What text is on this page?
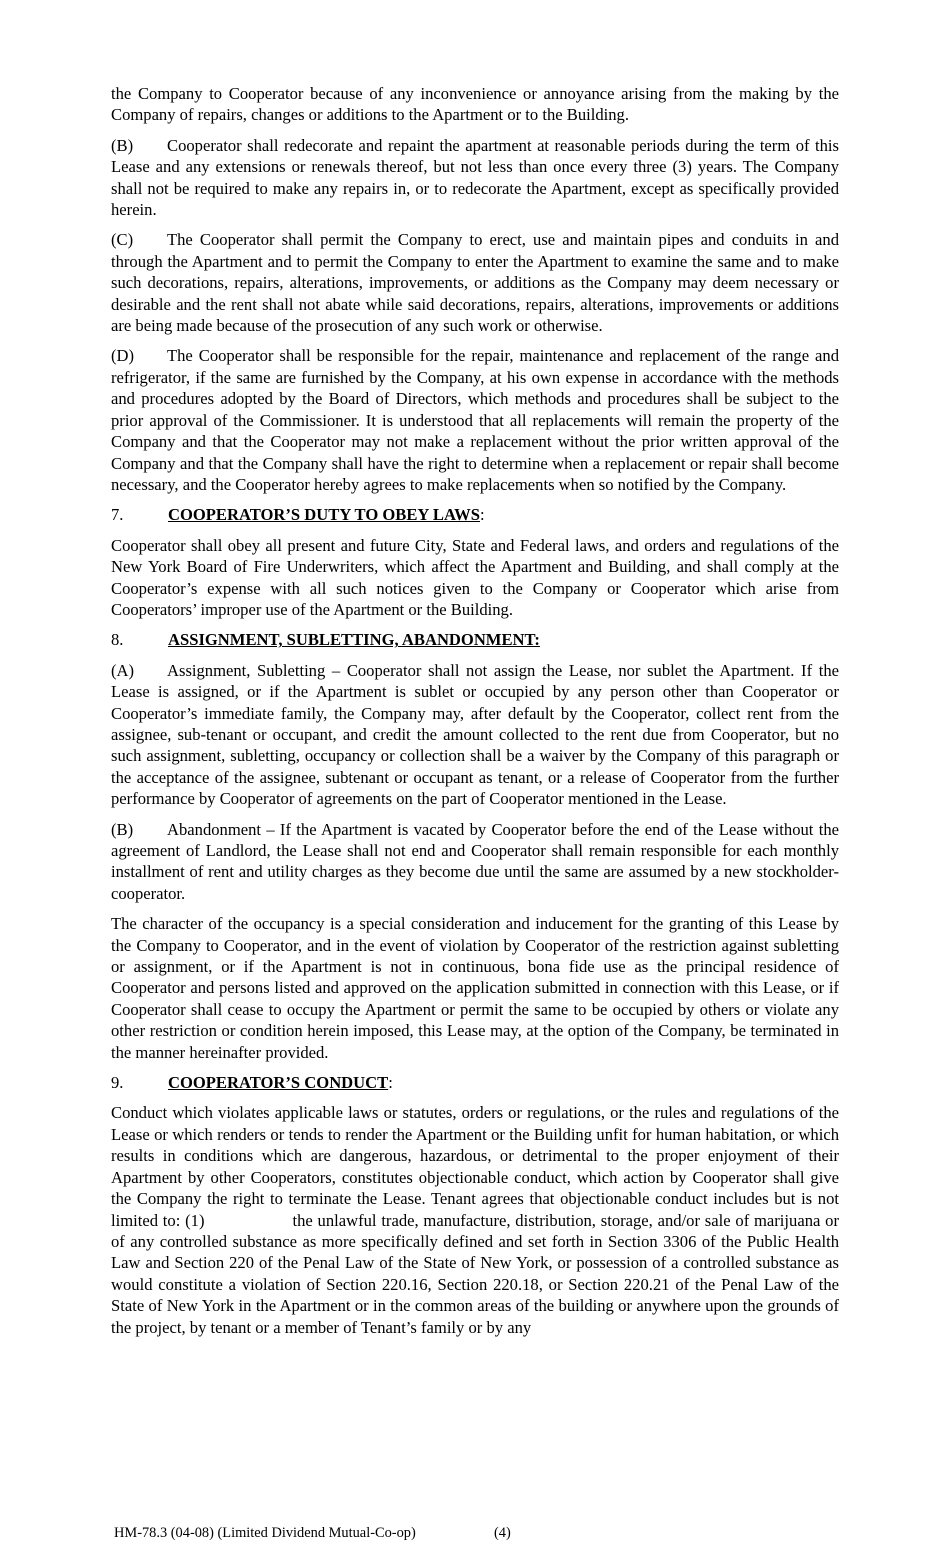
the Company to Cooperator because of any inconvenience or annoyance arising from the making by the Company of repairs, changes or additions to the Apartment or to the Building.

(B) Cooperator shall redecorate and repaint the apartment at reasonable periods during the term of this Lease and any extensions or renewals thereof, but not less than once every three (3) years. The Company shall not be required to make any repairs in, or to redecorate the Apartment, except as specifically provided herein.

(C) The Cooperator shall permit the Company to erect, use and maintain pipes and conduits in and through the Apartment and to permit the Company to enter the Apartment to examine the same and to make such decorations, repairs, alterations, improvements, or additions as the Company may deem necessary or desirable and the rent shall not abate while said decorations, repairs, alterations, improvements or additions are being made because of the prosecution of any such work or otherwise.

(D) The Cooperator shall be responsible for the repair, maintenance and replacement of the range and refrigerator, if the same are furnished by the Company, at his own expense in accordance with the methods and procedures adopted by the Board of Directors, which methods and procedures shall be subject to the prior approval of the Commissioner. It is understood that all replacements will remain the property of the Company and that the Cooperator may not make a replacement without the prior written approval of the Company and that the Company shall have the right to determine when a replacement or repair shall become necessary, and the Cooperator hereby agrees to make replacements when so notified by the Company.

7.	COOPERATOR’S DUTY TO OBEY LAWS:

Cooperator shall obey all present and future City, State and Federal laws, and orders and regulations of the New York Board of Fire Underwriters, which affect the Apartment and Building, and shall comply at the Cooperator’s expense with all such notices given to the Company or Cooperator which arise from Cooperators’ improper use of the Apartment or the Building.

8.	ASSIGNMENT, SUBLETTING, ABANDONMENT:

(A) Assignment, Subletting – Cooperator shall not assign the Lease, nor sublet the Apartment. If the Lease is assigned, or if the Apartment is sublet or occupied by any person other than Cooperator or Cooperator’s immediate family, the Company may, after default by the Cooperator, collect rent from the assignee, sub-tenant or occupant, and credit the amount collected to the rent due from Cooperator, but no such assignment, subletting, occupancy or collection shall be a waiver by the Company of this paragraph or the acceptance of the assignee, subtenant or occupant as tenant, or a release of Cooperator from the further performance by Cooperator of agreements on the part of Cooperator mentioned in the Lease.

(B) Abandonment – If the Apartment is vacated by Cooperator before the end of the Lease without the agreement of Landlord, the Lease shall not end and Cooperator shall remain responsible for each monthly installment of rent and utility charges as they become due until the same are assumed by a new stockholder-cooperator.

The character of the occupancy is a special consideration and inducement for the granting of this Lease by the Company to Cooperator, and in the event of violation by Cooperator of the restriction against subletting or assignment, or if the Apartment is not in continuous, bona fide use as the principal residence of Cooperator and persons listed and approved on the application submitted in connection with this Lease, or if Cooperator shall cease to occupy the Apartment or permit the same to be occupied by others or violate any other restriction or condition herein imposed, this Lease may, at the option of the Company, be terminated in the manner hereinafter provided.

9.	COOPERATOR’S CONDUCT:

Conduct which violates applicable laws or statutes, orders or regulations, or the rules and regulations of the Lease or which renders or tends to render the Apartment or the Building unfit for human habitation, or which results in conditions which are dangerous, hazardous, or detrimental to the proper enjoyment of their Apartment by other Cooperators, constitutes objectionable conduct, which action by Cooperator shall give the Company the right to terminate the Lease. Tenant agrees that objectionable conduct includes but is not limited to: (1)	the unlawful trade, manufacture, distribution, storage, and/or sale of marijuana or of any controlled substance as more specifically defined and set forth in Section 3306 of the Public Health Law and Section 220 of the Penal Law of the State of New York, or possession of a controlled substance as would constitute a violation of Section 220.16, Section 220.18, or Section 220.21 of the Penal Law of the State of New York in the Apartment or in the common areas of the building or anywhere upon the grounds of the project, by tenant or a member of Tenant’s family or by any

HM-78.3 (04-08) (Limited Dividend Mutual-Co-op)	(4)
